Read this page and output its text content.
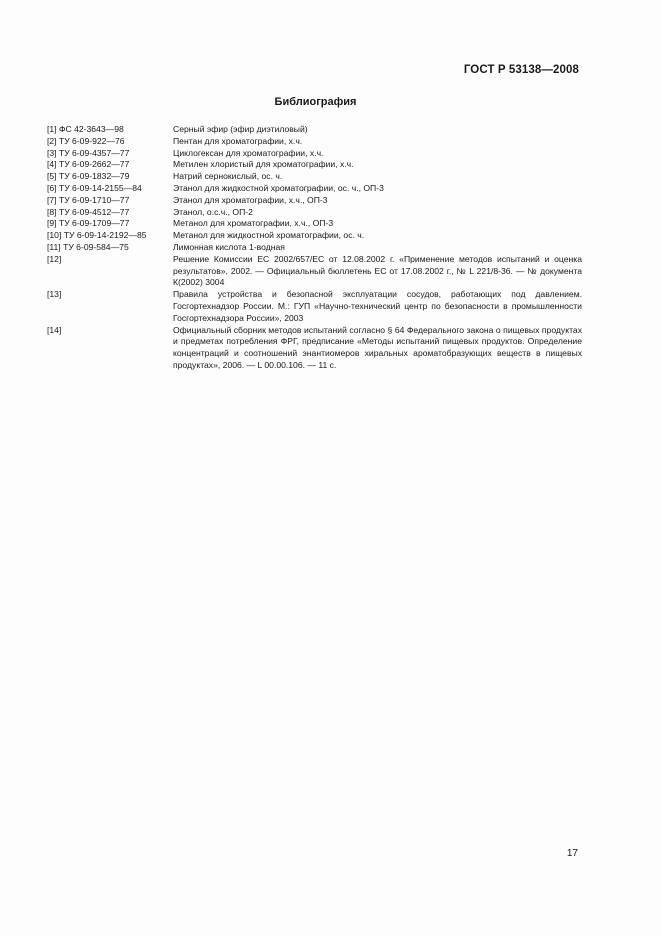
ГОСТ Р 53138—2008
Библиография
[1] ФС 42-3643—98	Серный эфир (эфир диэтиловый)
[2] ТУ 6-09-922—76	Пентан для хроматографии, х.ч.
[3] ТУ 6-09-4357—77	Циклогексан для хроматографии, х.ч.
[4] ТУ 6-09-2662—77	Метилен хлористый для хроматографии, х.ч.
[5] ТУ 6-09-1832—79	Натрий сернокислый, ос. ч.
[6] ТУ 6-09-14-2155—84	Этанол для жидкостной хроматографии, ос. ч., ОП-3
[7] ТУ 6-09-1710—77	Этанол для хроматографии, х.ч., ОП-3
[8] ТУ 6-09-4512—77	Этанол, о.с.ч., ОП-2
[9] ТУ 6-09-1709—77	Метанол для хроматографии, х.ч., ОП-3
[10] ТУ 6-09-14-2192—85	Метанол для жидкостной хроматографии, ос. ч.
[11] ТУ 6-09-584—75	Лимонная кислота 1-водная
[12]	Решение Комиссии ЕС 2002/657/ЕС от 12.08.2002 г. «Применение методов испытаний и оценка результатов», 2002. — Официальный бюллетень ЕС от 17.08.2002 г., № L 221/8-36. — № документа К(2002) 3004
[13]	Правила устройства и безопасной эксплуатации сосудов, работающих под давлением. Госгортехнадзор России. М.: ГУП «Научно-технический центр по безопасности в промышленности Госгортехнадзора России», 2003
[14]	Официальный сборник методов испытаний согласно § 64 Федерального закона о пищевых продуктах и предметах потребления ФРГ, предписание «Методы испытаний пищевых продуктов. Определение концентраций и соотношений энантиомеров хиральных ароматобразующих веществ в пищевых продуктах», 2006. — L 00.00.106. — 11 с.
17
